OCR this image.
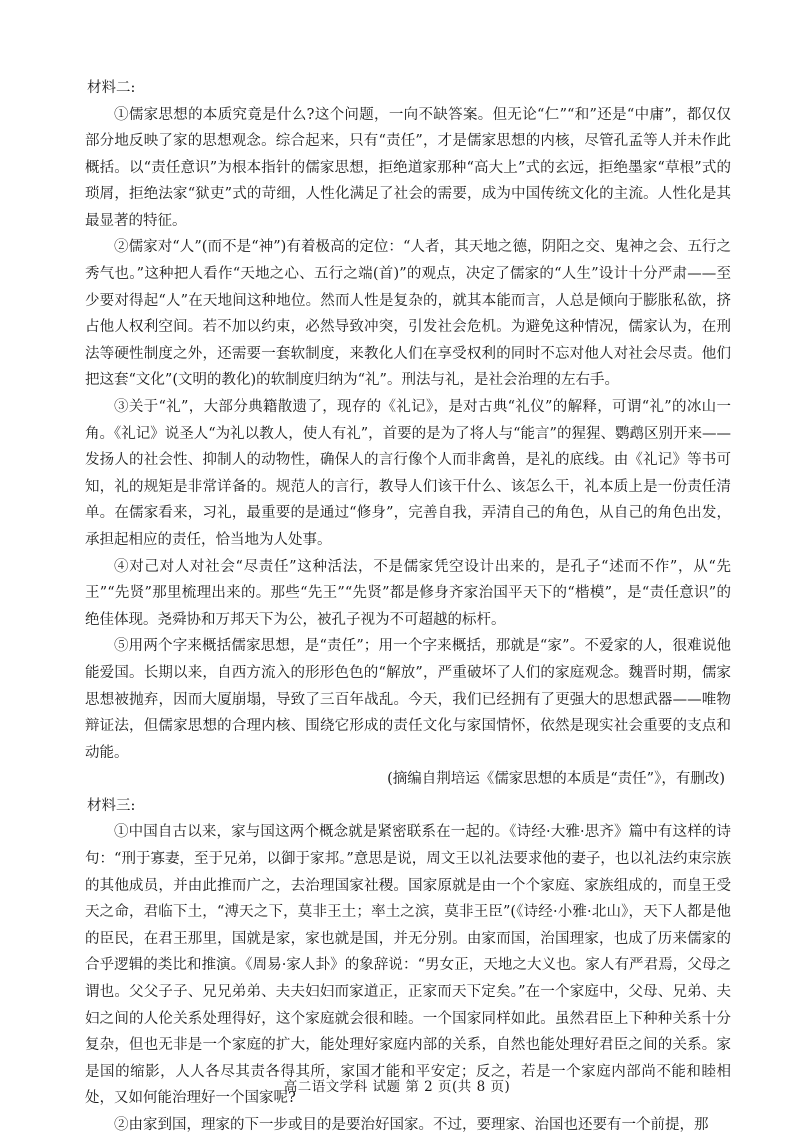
材料二:

①儒家思想的本质究竟是什么?这个问题，一向不缺答案。但无论“仁”“和”还是“中庸”，都仅仅部分地反映了家的思想观念。综合起来，只有“责任”，才是儒家思想的内核，尽管孔孟等人并未作此概括。以“责任意识”为根本指针的儒家思想，拒绝道家那种“高大上”式的玄远，拒绝墨家“草根”式的琐屑，拒绝法家“狱吏”式的苛细，人性化满足了社会的需要，成为中国传统文化的主流。人性化是其最显著的特征。

②儒家对“人”(而不是“神”)有着极高的定位：“人者，其天地之德，阴阳之交、鬼神之会、五行之秀气也。”这种把人看作“天地之心、五行之端(首)”的观点，决定了儒家的“人生”设计十分严肃——至少要对得起“人”在天地间这种地位。然而人性是复杂的，就其本能而言，人总是倾向于膨胀私欲，挤占他人权利空间。若不加以约束，必然导致冲突，引发社会危机。为避免这种情况，儒家认为，在刑法等硬性制度之外，还需要一套软制度，来教化人们在享受权利的同时不忘对他人对社会尽责。他们把这套“文化”(文明的教化)的软制度归纳为“礼”。刑法与礼，是社会治理的左右手。

③关于“礼”，大部分典籍散遗了，现存的《礼记》，是对古典“礼仪”的解释，可谓“礼”的冰山一角。《礼记》说圣人“为礼以教人，使人有礼”，首要的是为了将人与“能言”的猩猩、鹦鹉区别开来——发扬人的社会性、抑制人的动物性，确保人的言行像个人而非禽兽，是礼的底线。由《礼记》等书可知，礼的规矩是非常详备的。规范人的言行，教导人们该干什么、该怎么干，礼本质上是一份责任清单。在儒家看来，习礼，最重要的是通过“修身”，完善自我，弄清自己的角色，从自己的角色出发，承担起相应的责任，恰当地为人处事。

④对己对人对社会“尽责任”这种活法，不是儒家凭空设计出来的，是孔子“述而不作”，从“先王”“先贤”那里梳理出来的。那些“先王”“先贤”都是修身齐家治国平天下的“楷模”，是“责任意识”的绝佳体现。尧舜协和万邦天下为公，被孔子视为不可超越的标杆。

⑤用两个字来概括儒家思想，是“责任”；用一个字来概括，那就是“家”。不爱家的人，很难说他能爱国。长期以来，自西方流入的形形色色的“解放”，严重破坏了人们的家庭观念。魏晋时期，儒家思想被抛弃，因而大厦崩塌，导致了三百年战乱。今天，我们已经拥有了更强大的思想武器——唯物辩证法，但儒家思想的合理内核、围绕它形成的责任文化与家国情怀，依然是现实社会重要的支点和动能。

(摘编自荆培运《儒家思想的本质是“责任”》，有删改)

材料三:

①中国自古以来，家与国这两个概念就是紧密联系在一起的。《诗经·大雅·思齐》篇中有这样的诗句：“刑于寡妻，至于兄弟，以御于家邦。”意思是说，周文王以礼法要求他的妻子，也以礼法约束宗族的其他成员，并由此推而广之，去治理国家社稷。国家原就是由一个个家庭、家族组成的，而皇王受天之命，君临下土，“溥天之下，莫非王土；率土之滨，莫非王臣”(《诗经·小雅·北山》，天下人都是他的臣民，在君王那里，国就是家，家也就是国，并无分别。由家而国，治国理家，也成了历来儒家的合乎逻辑的类比和推演。《周易·家人卦》的象辞说：“男女正，天地之大义也。家人有严君焉，父母之谓也。父父子子、兄兄弟弟、夫夫妇妇而家道正，正家而天下定矣。”在一个家庭中，父母、兄弟、夫妇之间的人伦关系处理得好，这个家庭就会很和睦。一个国家同样如此。虽然君臣上下种种关系十分复杂，但也无非是一个家庭的扩大，能处理好家庭内部的关系，自然也能处理好君臣之间的关系。家是国的缩影，人人各尽其责各得其所，家国才能和平安定；反之，若是一个家庭内部尚不能和睦相处，又如何能治理好一个国家呢?

②由家到国，理家的下一步或目的是要治好国家。不过，要理家、治国也还要有一个前提，那

高二语文学科 试题 第 2 页(共 8 页)
